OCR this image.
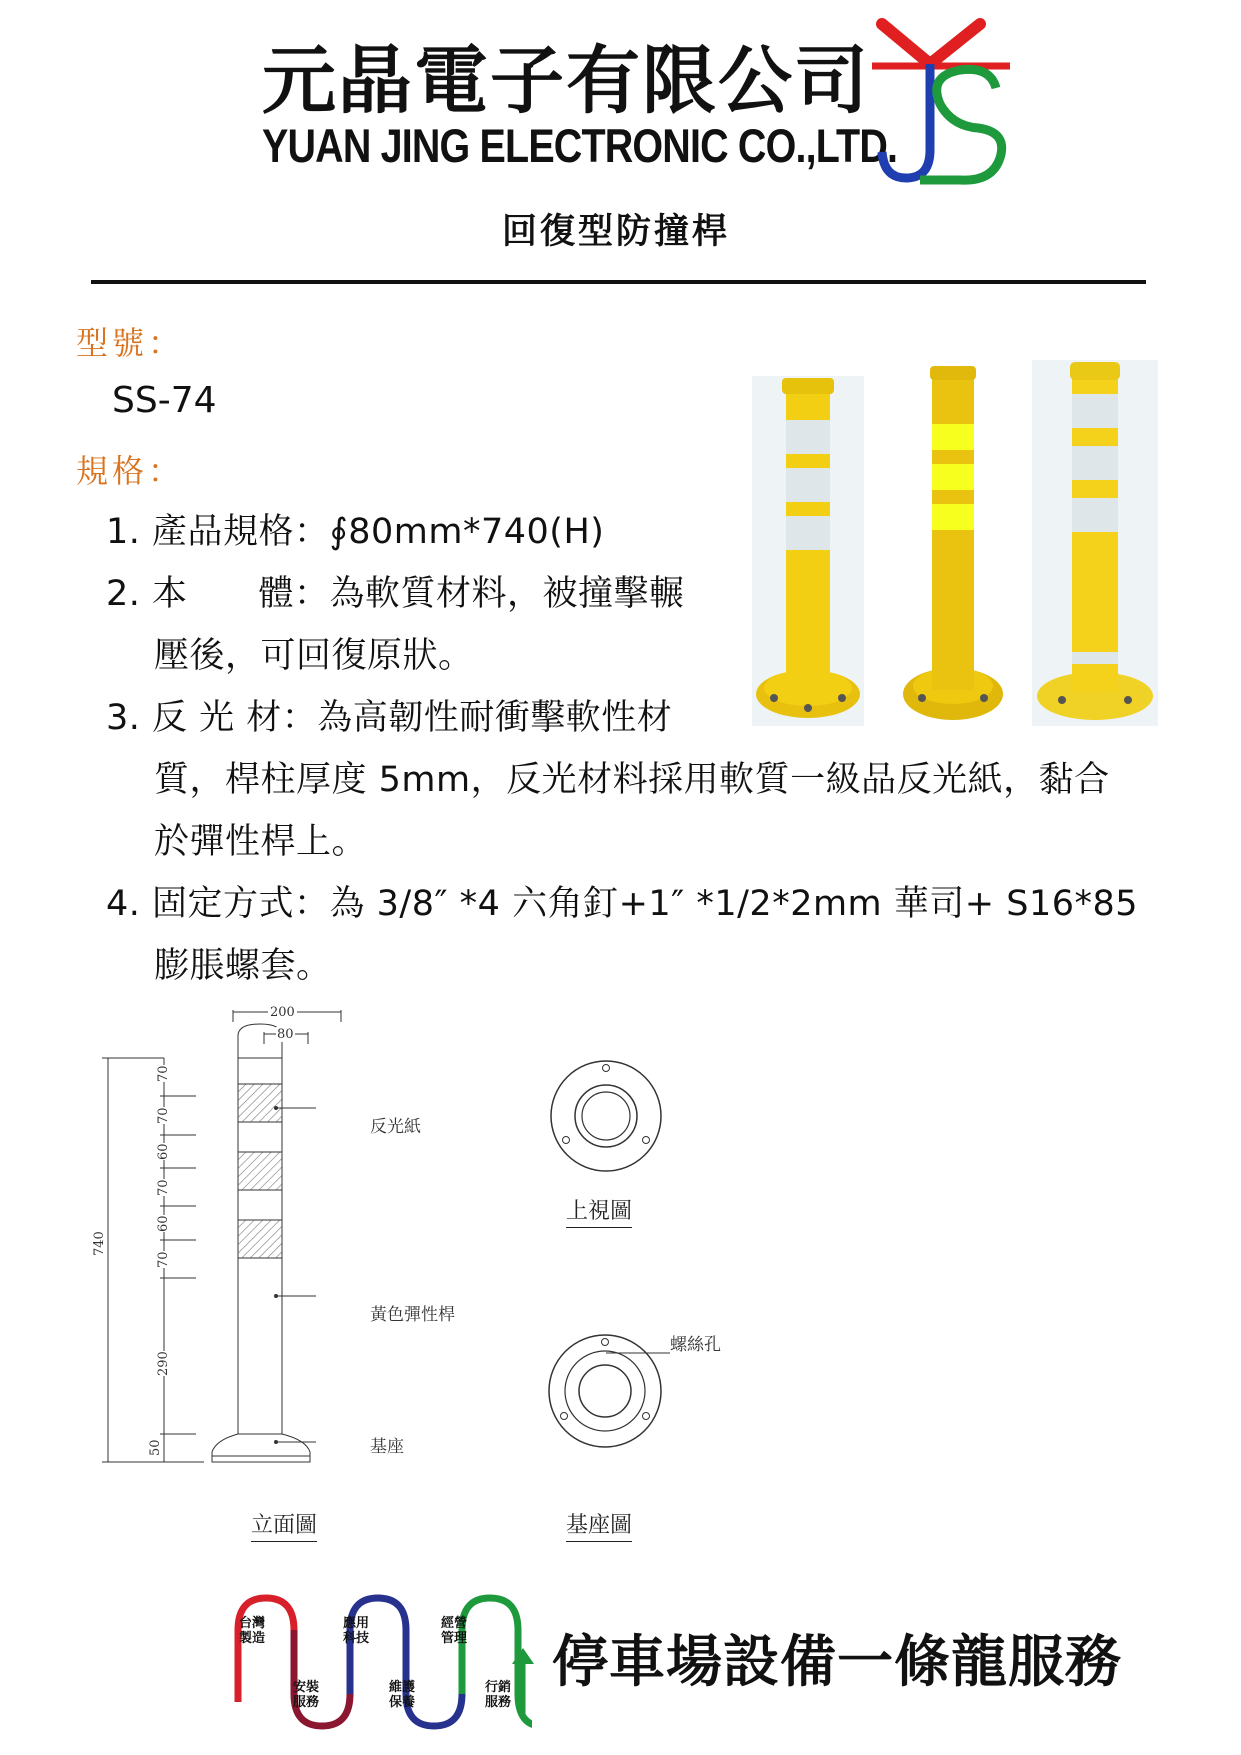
元晶電子有限公司
YUAN JING ELECTRONIC CO.,LTD.
回復型防撞桿
型號：
SS-74
規格：
1. 產品規格：∮80mm*740(H)
2. 本　　體：為軟質材料，被撞擊輾
壓後，可回復原狀。
3. 反 光 材：為高韌性耐衝擊軟性材
質，桿柱厚度 5mm，反光材料採用軟質一級品反光紙，黏合
於彈性桿上。
4. 固定方式：為 3/8″ *4 六角釘+1″ *1/2*2mm 華司+ S16*85
膨脹螺套。
200
80
740
70
70
60
70
60
70
290
50
反光紙
黃色彈性桿
基座
立面圖
上視圖
螺絲孔
基座圖
台灣製造
安裝服務
應用科技
維護保養
經營管理
行銷服務
停車場設備一條龍服務
